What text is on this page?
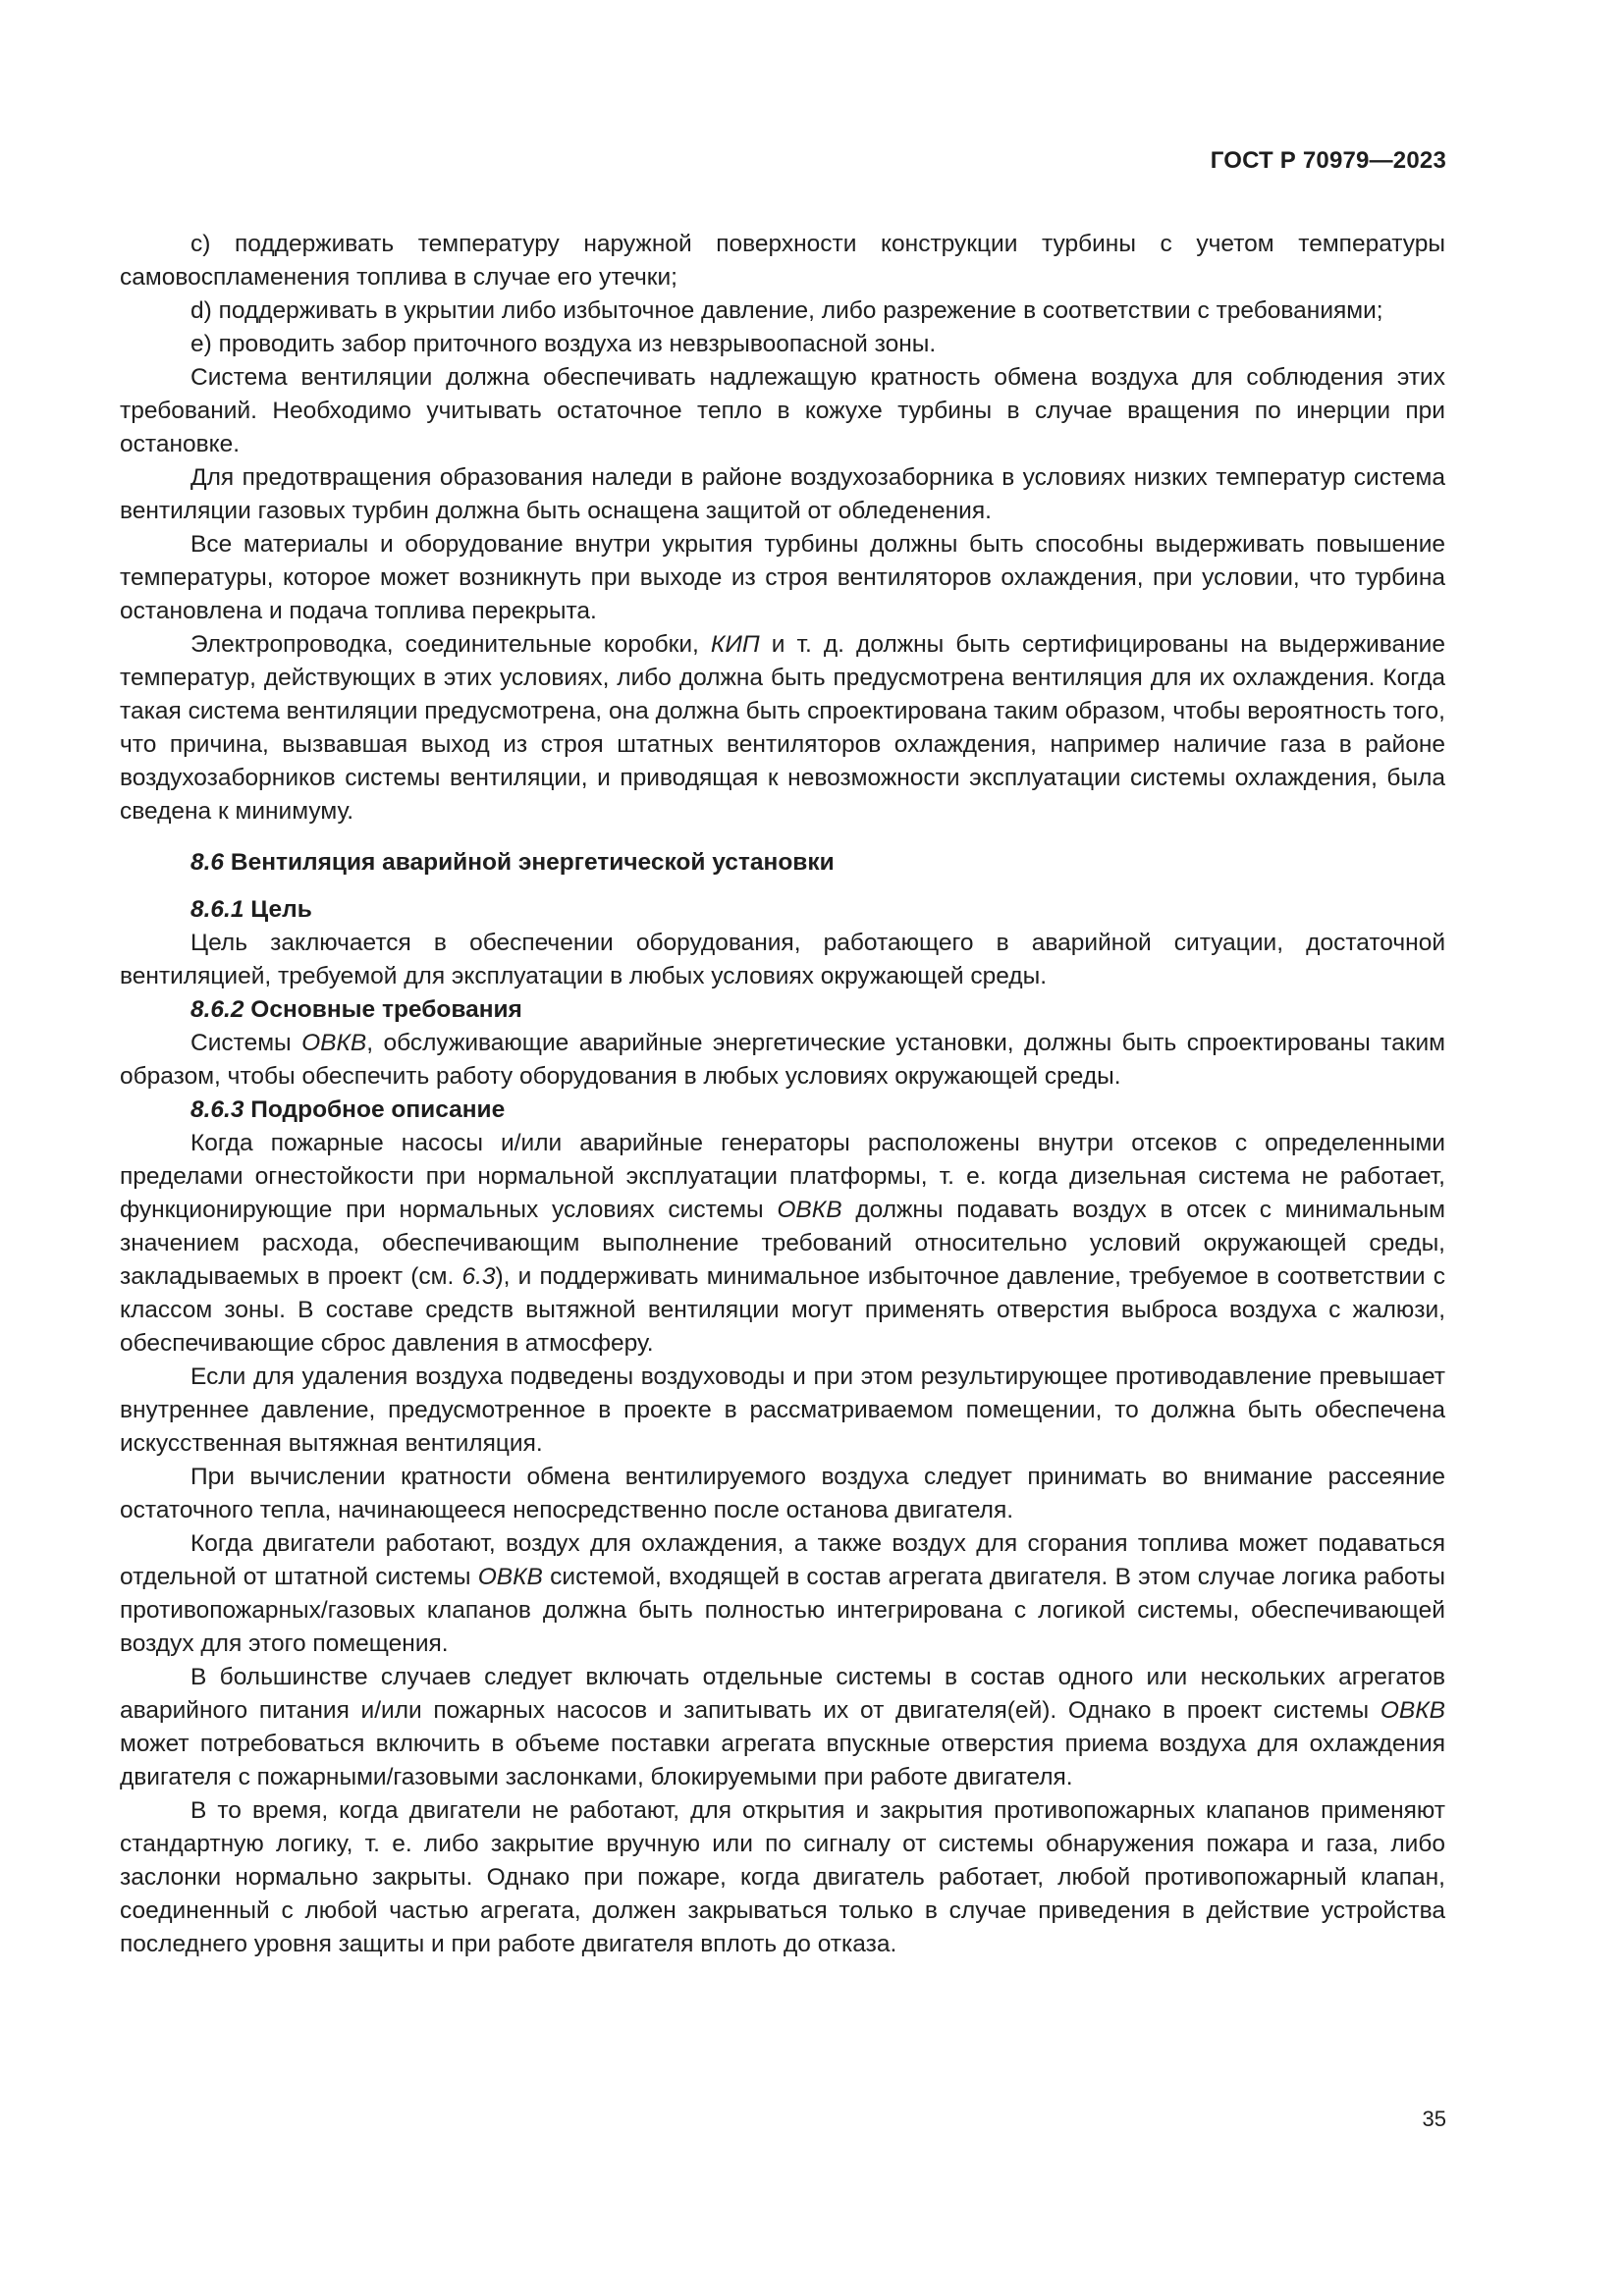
ГОСТ Р 70979—2023

с) поддерживать температуру наружной поверхности конструкции турбины с учетом температуры самовоспламенения топлива в случае его утечки;

d) поддерживать в укрытии либо избыточное давление, либо разрежение в соответствии с требованиями;

e) проводить забор приточного воздуха из невзрывоопасной зоны.

Система вентиляции должна обеспечивать надлежащую кратность обмена воздуха для соблюдения этих требований. Необходимо учитывать остаточное тепло в кожухе турбины в случае вращения по инерции при остановке.

Для предотвращения образования наледи в районе воздухозаборника в условиях низких температур система вентиляции газовых турбин должна быть оснащена защитой от обледенения.

Все материалы и оборудование внутри укрытия турбины должны быть способны выдерживать повышение температуры, которое может возникнуть при выходе из строя вентиляторов охлаждения, при условии, что турбина остановлена и подача топлива перекрыта.

Электропроводка, соединительные коробки, КИП и т. д. должны быть сертифицированы на выдерживание температур, действующих в этих условиях, либо должна быть предусмотрена вентиляция для их охлаждения. Когда такая система вентиляции предусмотрена, она должна быть спроектирована таким образом, чтобы вероятность того, что причина, вызвавшая выход из строя штатных вентиляторов охлаждения, например наличие газа в районе воздухозаборников системы вентиляции, и приводящая к невозможности эксплуатации системы охлаждения, была сведена к минимуму.

8.6 Вентиляция аварийной энергетической установки

8.6.1 Цель

Цель заключается в обеспечении оборудования, работающего в аварийной ситуации, достаточной вентиляцией, требуемой для эксплуатации в любых условиях окружающей среды.

8.6.2 Основные требования

Системы ОВКВ, обслуживающие аварийные энергетические установки, должны быть спроектированы таким образом, чтобы обеспечить работу оборудования в любых условиях окружающей среды.

8.6.3 Подробное описание

Когда пожарные насосы и/или аварийные генераторы расположены внутри отсеков с определенными пределами огнестойкости при нормальной эксплуатации платформы, т. е. когда дизельная система не работает, функционирующие при нормальных условиях системы ОВКВ должны подавать воздух в отсек с минимальным значением расхода, обеспечивающим выполнение требований относительно условий окружающей среды, закладываемых в проект (см. 6.3), и поддерживать минимальное избыточное давление, требуемое в соответствии с классом зоны. В составе средств вытяжной вентиляции могут применять отверстия выброса воздуха с жалюзи, обеспечивающие сброс давления в атмосферу.

Если для удаления воздуха подведены воздуховоды и при этом результирующее противодавление превышает внутреннее давление, предусмотренное в проекте в рассматриваемом помещении, то должна быть обеспечена искусственная вытяжная вентиляция.

При вычислении кратности обмена вентилируемого воздуха следует принимать во внимание рассеяние остаточного тепла, начинающееся непосредственно после останова двигателя.

Когда двигатели работают, воздух для охлаждения, а также воздух для сгорания топлива может подаваться отдельной от штатной системы ОВКВ системой, входящей в состав агрегата двигателя. В этом случае логика работы противопожарных/газовых клапанов должна быть полностью интегрирована с логикой системы, обеспечивающей воздух для этого помещения.

В большинстве случаев следует включать отдельные системы в состав одного или нескольких агрегатов аварийного питания и/или пожарных насосов и запитывать их от двигателя(ей). Однако в проект системы ОВКВ может потребоваться включить в объеме поставки агрегата впускные отверстия приема воздуха для охлаждения двигателя с пожарными/газовыми заслонками, блокируемыми при работе двигателя.

В то время, когда двигатели не работают, для открытия и закрытия противопожарных клапанов применяют стандартную логику, т. е. либо закрытие вручную или по сигналу от системы обнаружения пожара и газа, либо заслонки нормально закрыты. Однако при пожаре, когда двигатель работает, любой противопожарный клапан, соединенный с любой частью агрегата, должен закрываться только в случае приведения в действие устройства последнего уровня защиты и при работе двигателя вплоть до отказа.

35
